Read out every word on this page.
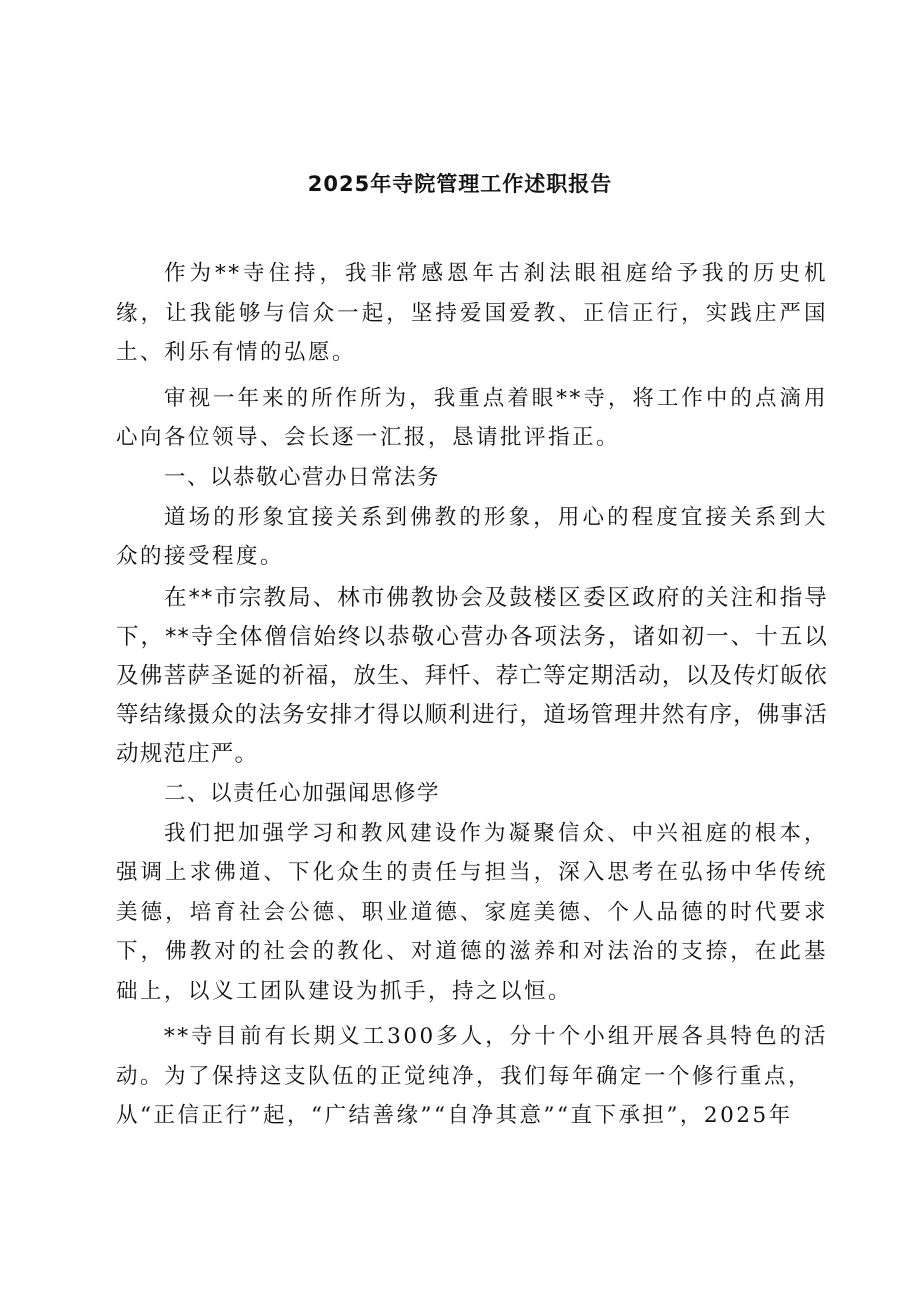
2025年寺院管理工作述职报告

作为**寺住持，我非常感恩年古刹法眼祖庭给予我的历史机缘，让我能够与信众一起，坚持爱国爱教、正信正行，实践庄严国土、利乐有情的弘愿。

审视一年来的所作所为，我重点着眼**寺，将工作中的点滴用心向各位领导、会长逐一汇报，恳请批评指正。

一、以恭敬心营办日常法务

道场的形象宜接关系到佛教的形象，用心的程度宜接关系到大众的接受程度。

在**市宗教局、林市佛教协会及鼓楼区委区政府的关注和指导下，**寺全体僧信始终以恭敬心营办各项法务，诸如初一、十五以及佛菩萨圣诞的祈福，放生、拜忏、荐亡等定期活动，以及传灯皈依等结缘摄众的法务安排才得以顺利进行，道场管理井然有序，佛事活动规范庄严。

二、以责任心加强闻思修学

我们把加强学习和教风建设作为凝聚信众、中兴祖庭的根本，强调上求佛道、下化众生的责任与担当，深入思考在弘扬中华传统美德，培育社会公德、职业道德、家庭美德、个人品德的时代要求下，佛教对的社会的教化、对道德的滋养和对法治的支捺，在此基础上，以义工团队建设为抓手，持之以恒。

**寺目前有长期义工300多人，分十个小组开展各具特色的活动。为了保持这支队伍的正觉纯净，我们每年确定一个修行重点，

从“正信正行”起，“广结善缘”“自净其意”“直下承担”，2025年
